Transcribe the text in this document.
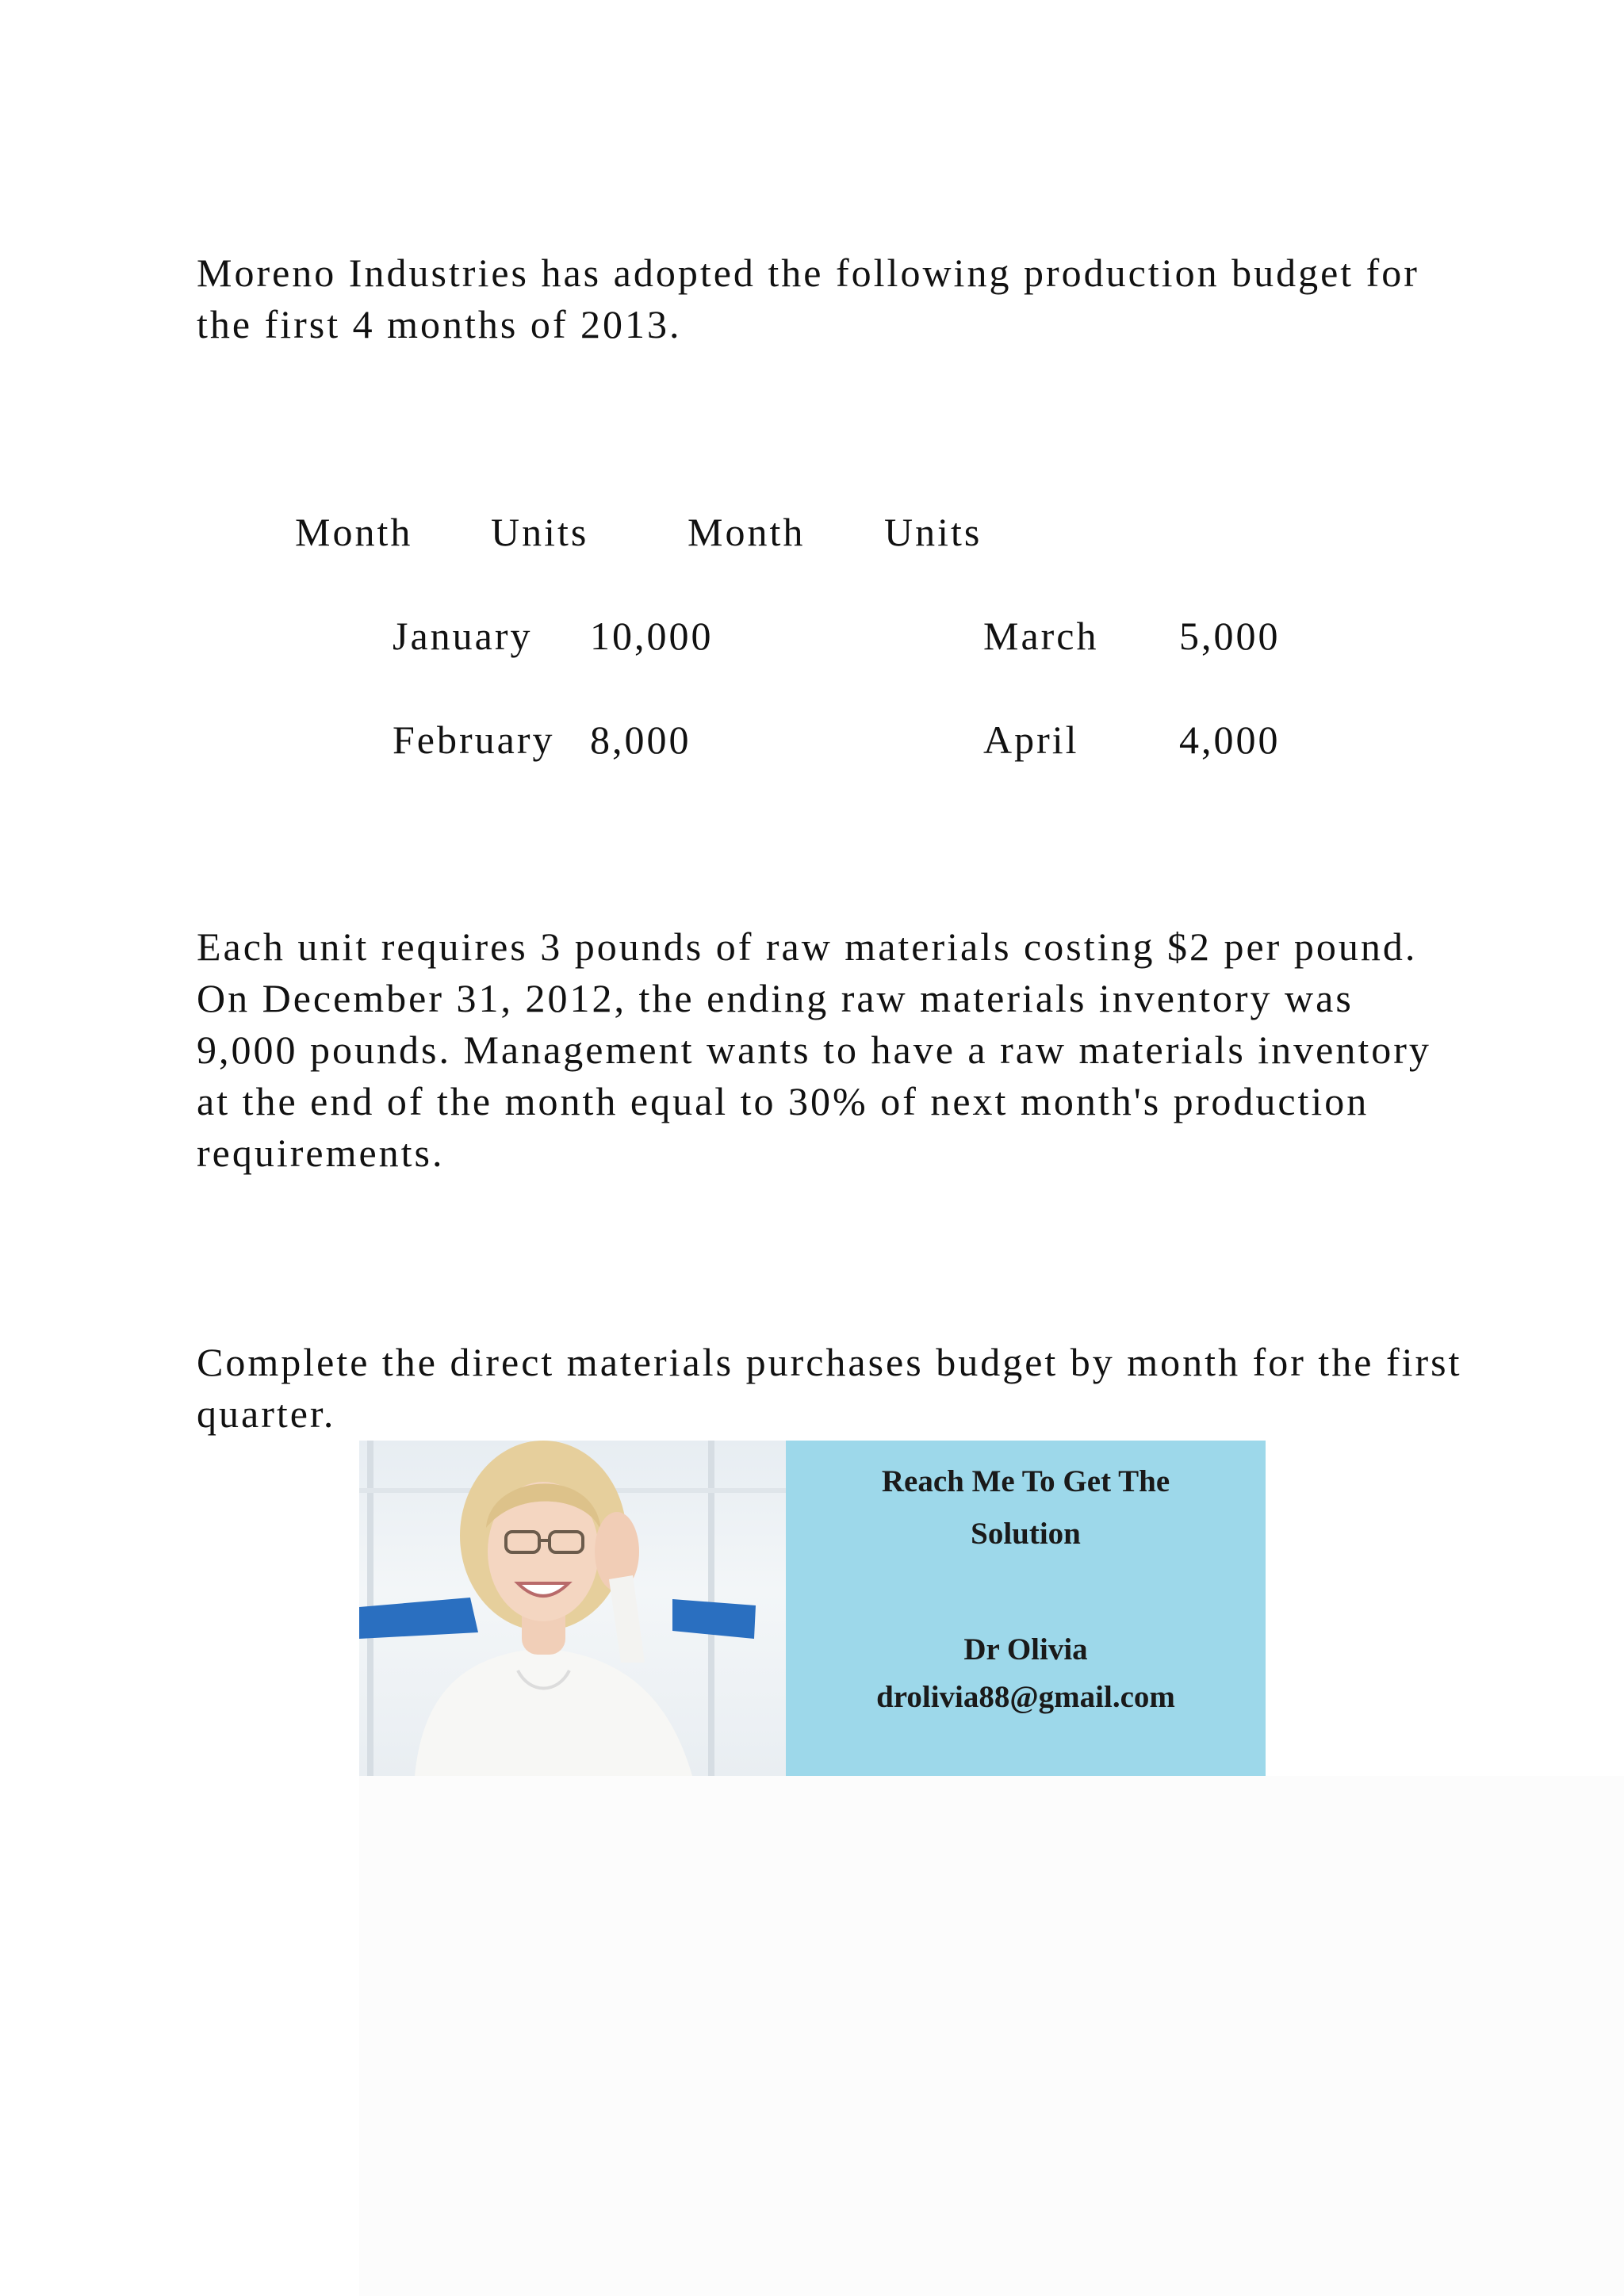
Moreno Industries has adopted the following production budget for the first 4 months of 2013.

Month Units Month Units
January 10,000	March 5,000
February 8,000	April	4,000

Each unit requires 3 pounds of raw materials costing $2 per pound. On December 31, 2012, the ending raw materials inventory was 9,000 pounds. Management wants to have a raw materials inventory at the end of the month equal to 30% of next month's production requirements.

Complete the direct materials purchases budget by month for the first quarter.

Reach Me To Get The
Solution
Dr Olivia
drolivia88@gmail.com
